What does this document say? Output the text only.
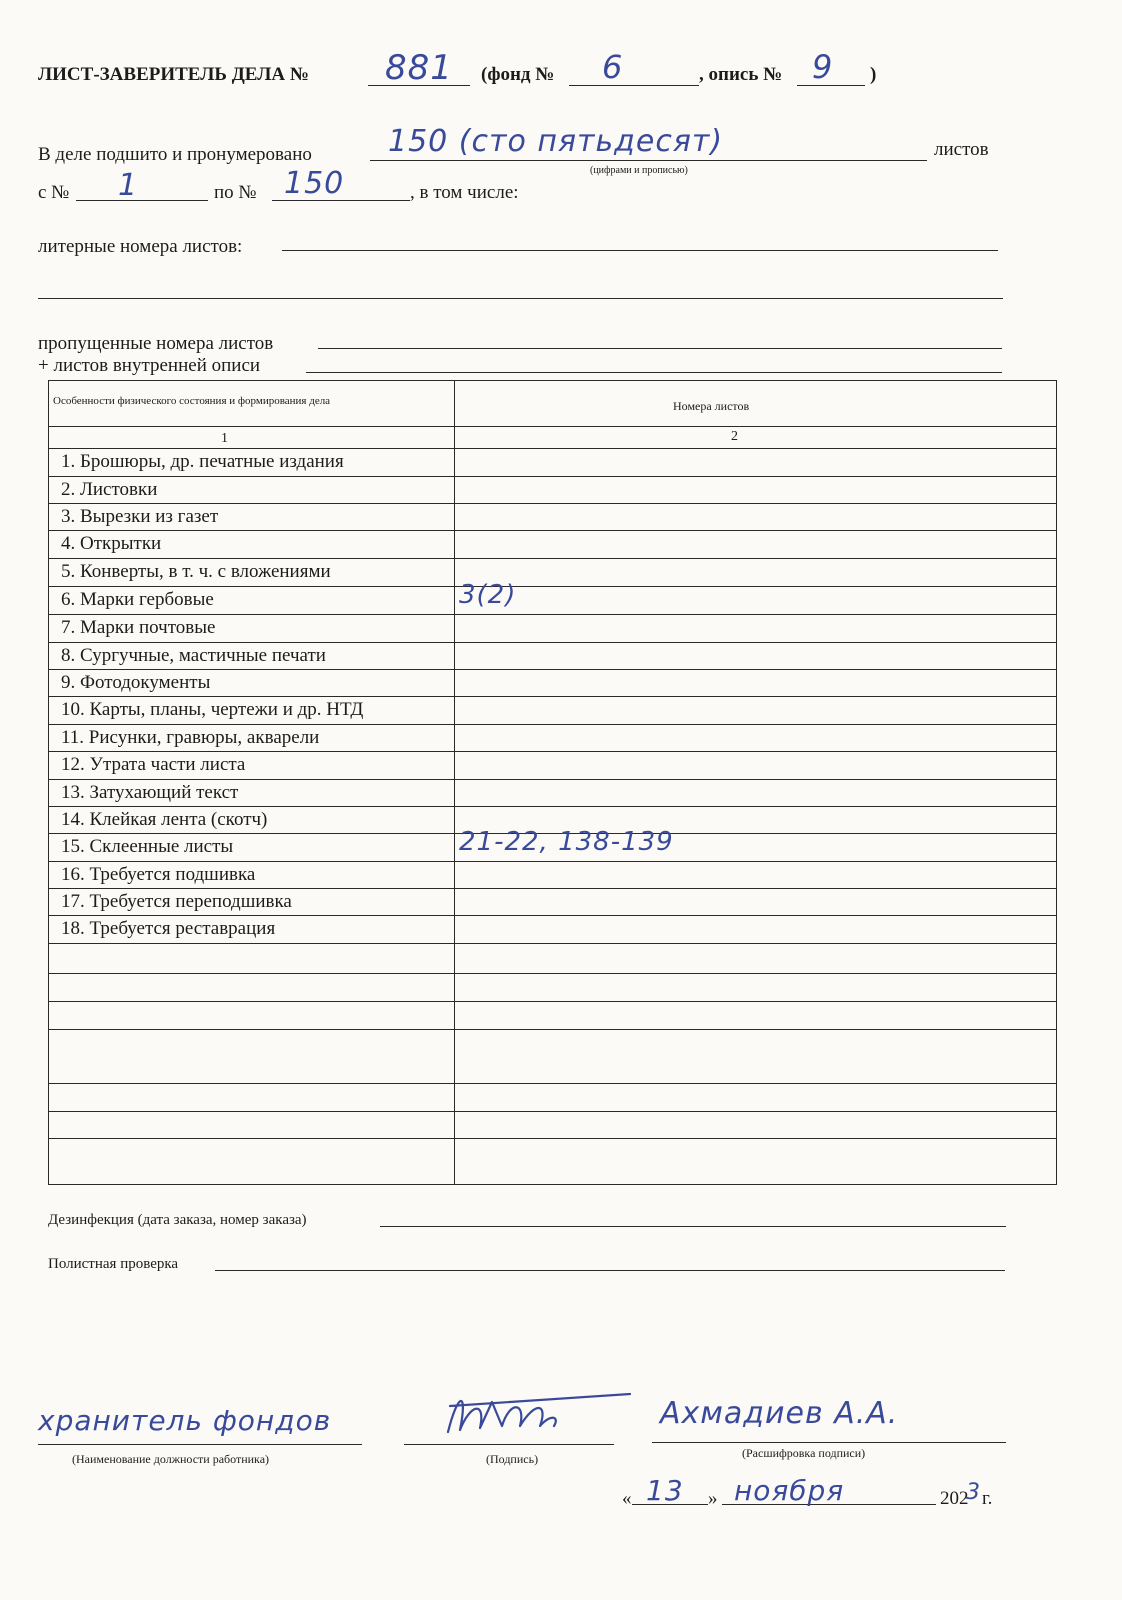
ЛИСТ-ЗАВЕРИТЕЛЬ ДЕЛА № 881 (фонд № 6	, опись № 9 )
В деле подшито и пронумеровано	150 (сто пятьдесят)
(цифрами и прописью)
листов
с № 1	по № 150	, в том числе:
литерные номера листов:
пропущенные номера листов
+ листов внутренней описи
Особенности физического состояния и формирования дела	Номера листов
1	2
1. Брошюры, др. печатные издания
2. Листовки
3. Вырезки из газет
4. Открытки
5. Конверты, в т. ч. с вложениями
6. Марки гербовые	3(2)
7. Марки почтовые
8. Сургучные, мастичные печати
9. Фотодокументы
10. Карты, планы, чертежи и др. НТД
11. Рисунки, гравюры, акварели
12. Утрата части листа
13. Затухающий текст
14. Клейкая лента (скотч)
15. Склеенные листы	21-22, 138-139
16. Требуется подшивка
17. Требуется переподшивка
18. Требуется реставрация
Дезинфекция (дата заказа, номер заказа)
Полистная проверка
хранитель фондов
(Наименование должности работника)	(Подпись)
Ахмадиев А.А.
(Расшифровка подписи)
« 13 » ноября	202
3 г.
